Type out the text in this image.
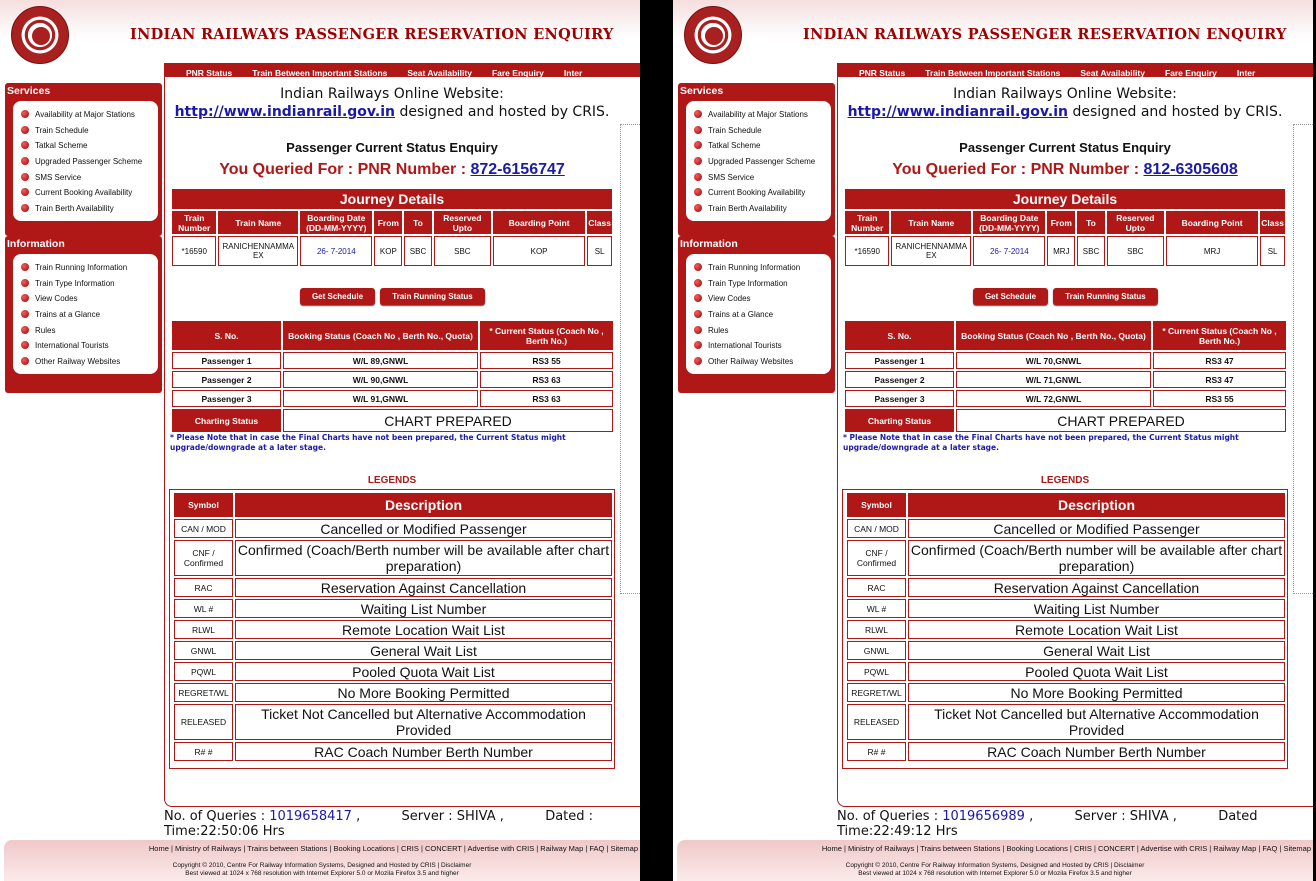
INDIAN RAILWAYS PASSENGER RESERVATION ENQUIRY
PNR Status Train Between Important Stations Seat Availability Fare Enquiry Inter
Services
Availability at Major Stations
Train Schedule
Tatkal Scheme
Upgraded Passenger Scheme
SMS Service
Current Booking Availability
Train Berth Availability
Information
Train Running Information
Train Type Information
View Codes
Trains at a Glance
Rules
International Tourists
Other Railway Websites
Indian Railways Online Website:
http://www.indianrail.gov.in designed and hosted by CRIS.
Passenger Current Status Enquiry
You Queried For : PNR Number : 872-6156747
Journey Details							
Train Number	Train Name	Boarding Date (DD-MM-YYYY)	From	To	Reserved Upto	Boarding Point	Class
*16590	RANICHENNAMMA EX	26- 7-2014	KOP	SBC	SBC	KOP	SL
Get Schedule	Train Running Status
S. No.	Booking Status (Coach No , Berth No., Quota)	* Current Status (Coach No , Berth No.)
Passenger 1	W/L 89,GNWL	RS3 55
Passenger 2	W/L 90,GNWL	RS3 63
Passenger 3	W/L 91,GNWL	RS3 63
Charting Status	CHART PREPARED	
* Please Note that in case the Final Charts have not been prepared, the Current Status might upgrade/downgrade at a later stage.
LEGENDS
Symbol	Description
CAN / MOD	Cancelled or Modified Passenger
CNF / Confirmed	Confirmed (Coach/Berth number will be available after chart preparation)
RAC	Reservation Against Cancellation
WL #	Waiting List Number
RLWL	Remote Location Wait List
GNWL	General Wait List
PQWL	Pooled Quota Wait List
REGRET/WL	No More Booking Permitted
RELEASED	Ticket Not Cancelled but Alternative Accommodation Provided
R# #	RAC Coach Number Berth Number
No. of Queries : 1019658417 ,          Server : SHIVA ,          Dated :
Time:22:50:06 Hrs
Home | Ministry of Railways | Trains between Stations | Booking Locations | CRIS | CONCERT | Advertise with CRIS | Railway Map | FAQ | Sitemap
Copyright © 2010, Centre For Railway Information Systems, Designed and Hosted by CRIS | Disclaimer
Best viewed at 1024 x 768 resolution with Internet Explorer 5.0 or Mozila Firefox 3.5 and higher
INDIAN RAILWAYS PASSENGER RESERVATION ENQUIRY
PNR Status Train Between Important Stations Seat Availability Fare Enquiry Inter
Services
Availability at Major Stations
Train Schedule
Tatkal Scheme
Upgraded Passenger Scheme
SMS Service
Current Booking Availability
Train Berth Availability
Information
Train Running Information
Train Type Information
View Codes
Trains at a Glance
Rules
International Tourists
Other Railway Websites
Indian Railways Online Website:
http://www.indianrail.gov.in designed and hosted by CRIS.
Passenger Current Status Enquiry
You Queried For : PNR Number : 812-6305608
Journey Details							
Train Number	Train Name	Boarding Date (DD-MM-YYYY)	From	To	Reserved Upto	Boarding Point	Class
*16590	RANICHENNAMMA EX	26- 7-2014	MRJ	SBC	SBC	MRJ	SL
Get Schedule	Train Running Status
S. No.	Booking Status (Coach No , Berth No., Quota)	* Current Status (Coach No , Berth No.)
Passenger 1	W/L 70,GNWL	RS3 47
Passenger 2	W/L 71,GNWL	RS3 47
Passenger 3	W/L 72,GNWL	RS3 55
Charting Status	CHART PREPARED	
* Please Note that in case the Final Charts have not been prepared, the Current Status might upgrade/downgrade at a later stage.
LEGENDS
Symbol	Description
CAN / MOD	Cancelled or Modified Passenger
CNF / Confirmed	Confirmed (Coach/Berth number will be available after chart preparation)
RAC	Reservation Against Cancellation
WL #	Waiting List Number
RLWL	Remote Location Wait List
GNWL	General Wait List
PQWL	Pooled Quota Wait List
REGRET/WL	No More Booking Permitted
RELEASED	Ticket Not Cancelled but Alternative Accommodation Provided
R# #	RAC Coach Number Berth Number
No. of Queries : 1019656989 ,          Server : SHIVA ,          Dated
Time:22:49:12 Hrs
Home | Ministry of Railways | Trains between Stations | Booking Locations | CRIS | CONCERT | Advertise with CRIS | Railway Map | FAQ | Sitemap
Copyright © 2010, Centre For Railway Information Systems, Designed and Hosted by CRIS | Disclaimer
Best viewed at 1024 x 768 resolution with Internet Explorer 5.0 or Mozila Firefox 3.5 and higher
